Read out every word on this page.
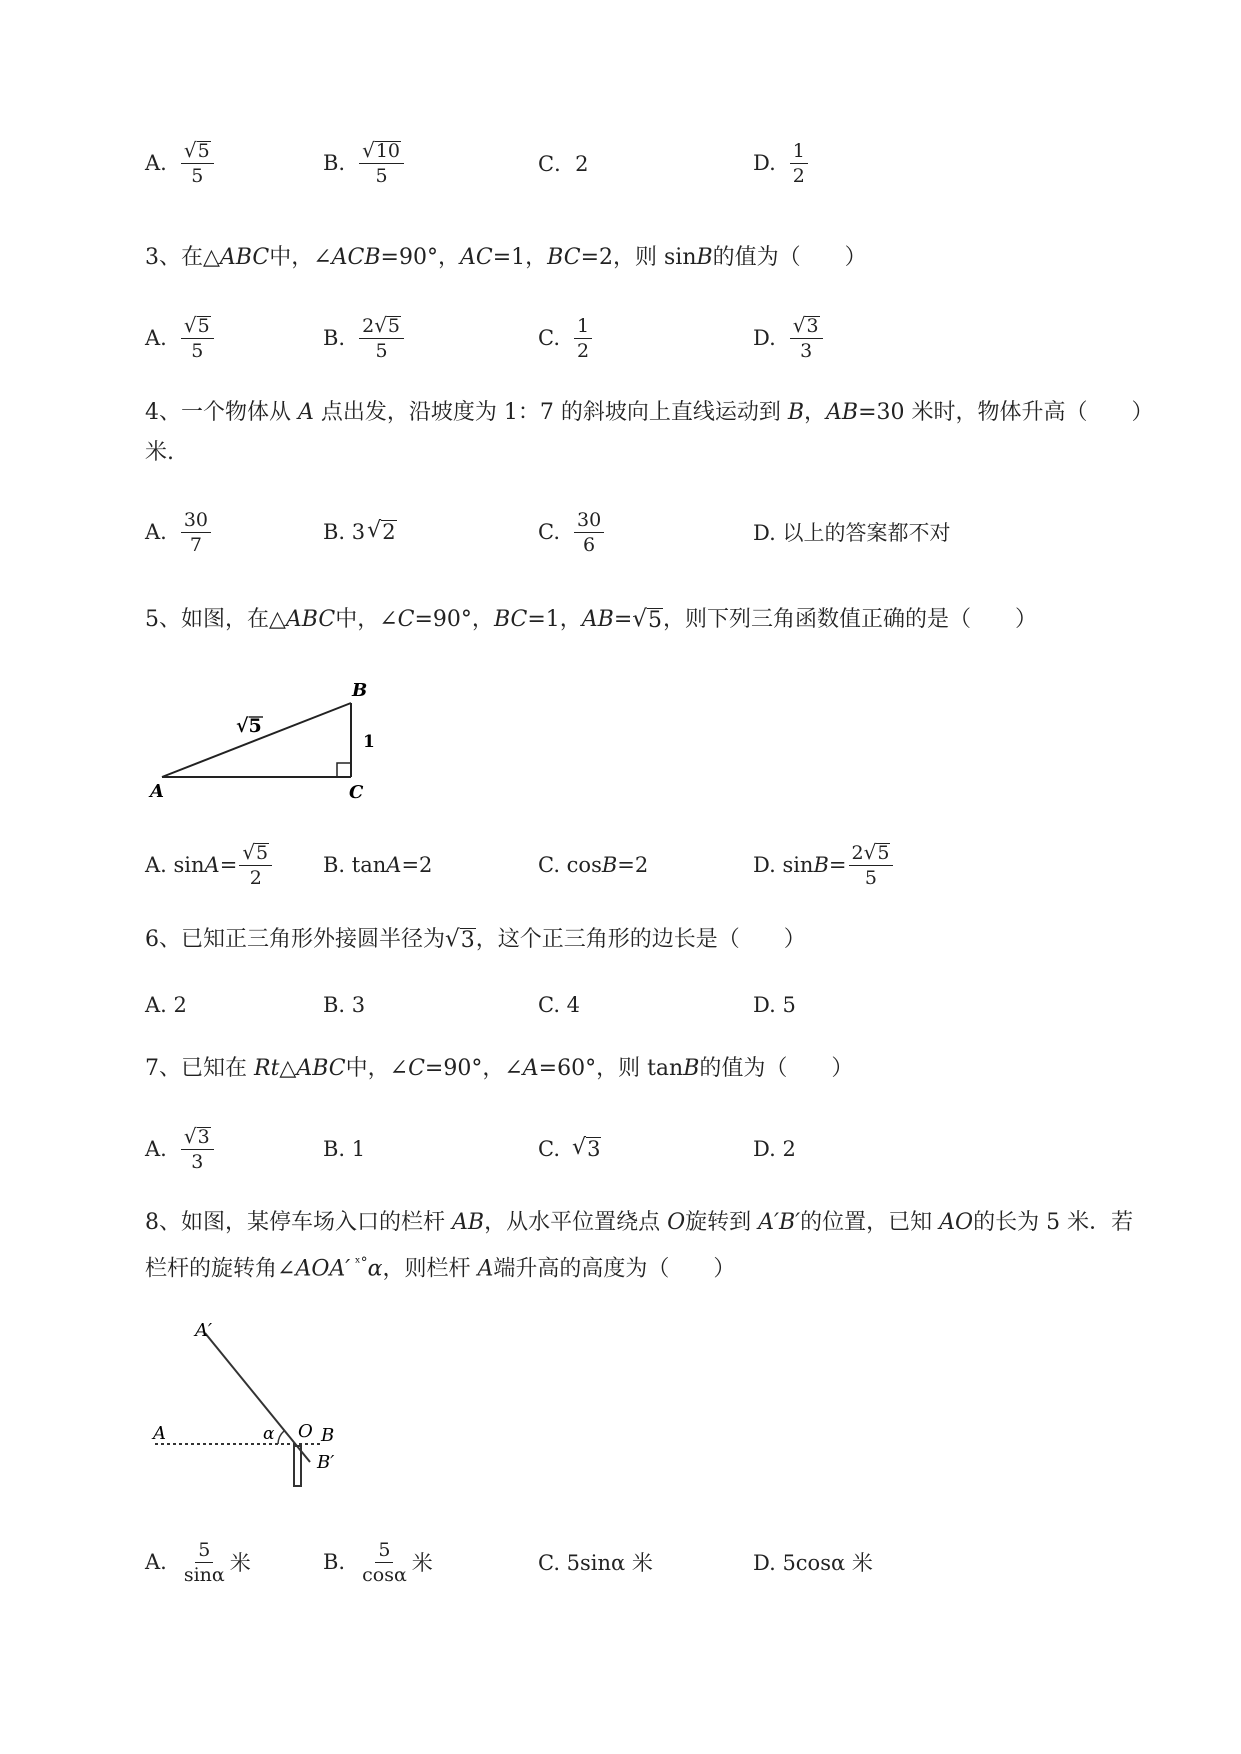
A. $\frac{√ 5}{5}$	B. $\frac{√ 10}{5}$	C．2	D. $\frac{1}{2}$
3、在△ABC中，∠ACB=90°，AC=1，BC=2，则 sinB的值为（　　）
A. $\frac{√ 5}{5}$	B. $\frac{2 √ 5}{5}$	C. $\frac{1}{2}$	D. $\frac{√ 3}{3}$
4、一个物体从 A 点出发，沿坡度为 1：7 的斜坡向上直线运动到 B，AB=30 米时，物体升高（　　）
米.
A. $\frac{30}{7}$	B. 3 √ 2	C. $\frac{30}{6}$	D. 以上的答案都不对
5、如图，在△ABC中，∠C=90°，BC=1，AB= √ 5 ，则下列三角函数值正确的是（　　）
B
A	C
1
√5
A. $\sin A = \frac{√ 5}{2} B$. tan A =2	C. cos B =2	D. $\sin B = \frac{2 √ 5}{5}$
6、已知正三角形外接圆半径为 √ 3 ，这个正三角形的边长是（　　）
A. 2	B. 3	C. 4	D. 5
7、已知在 Rt△ABC中，∠C=90°，∠A=60°，则 tanB的值为（　　）
A. $\frac{√ 3}{3}$	B. 1	C. √ 3	D. 2
8、如图，某停车场入口的栏杆 AB，从水平位置绕点 O旋转到 A′B′的位置，已知 AO的长为 5 米．若
栏杆的旋转角∠AOA′ $^{ˣ^\circ}$α，则栏杆 A端升高的高度为（　　）
A′
A	α O B
B′
A. $\frac{5}{\sin\alpha}$ 米	B. $\frac{5}{\cos\alpha}$ 米	C. 5sinα 米	D. 5cosα 米
